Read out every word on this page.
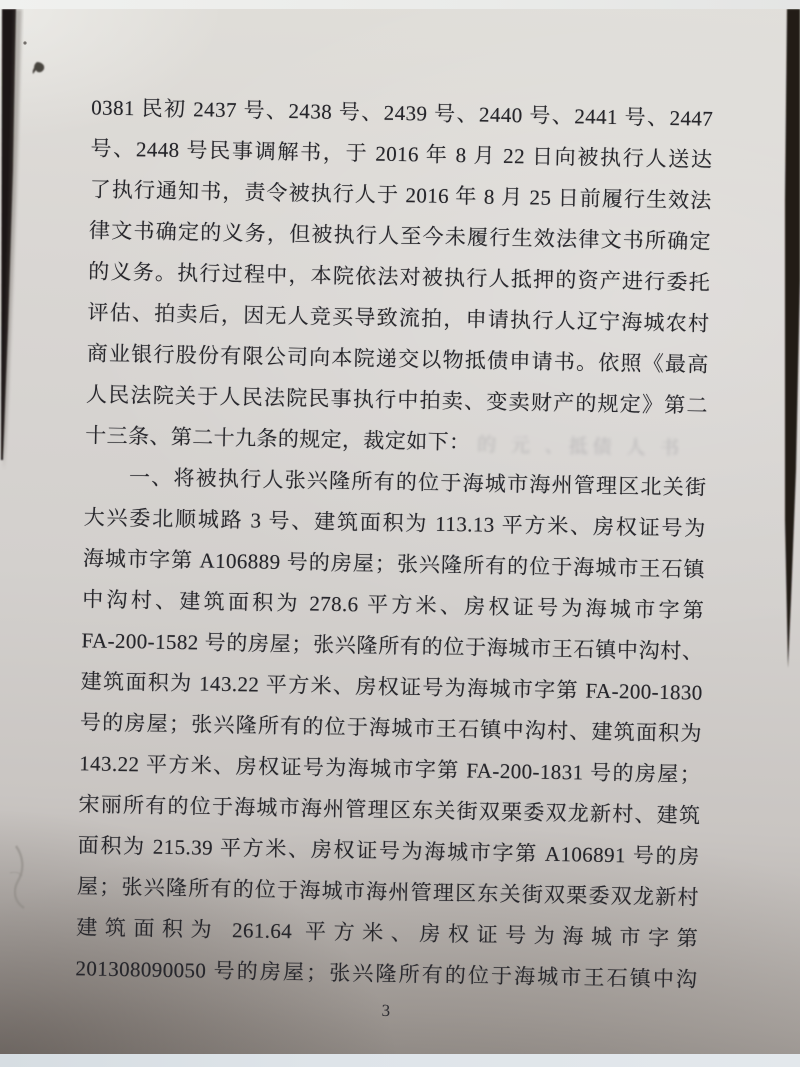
0381 民初 2437 号、2438 号、2439 号、2440 号、2441 号、2447
号、2448 号民事调解书，于 2016 年 8 月 22 日向被执行人送达
了执行通知书，责令被执行人于 2016 年 8 月 25 日前履行生效法
律文书确定的义务，但被执行人至今未履行生效法律文书所确定
的义务。执行过程中，本院依法对被执行人抵押的资产进行委托
评估、拍卖后，因无人竞买导致流拍，申请执行人辽宁海城农村
商业银行股份有限公司向本院递交以物抵债申请书。依照《最高
人民法院关于人民法院民事执行中拍卖、变卖财产的规定》第二
十三条、第二十九条的规定，裁定如下：
　　一、将被执行人张兴隆所有的位于海城市海州管理区北关街
大兴委北顺城路 3 号、建筑面积为 113.13 平方米、房权证号为
海城市字第 A106889 号的房屋；张兴隆所有的位于海城市王石镇
中沟村、建筑面积为 278.6 平方米、房权证号为海城市字第
FA-200-1582 号的房屋；张兴隆所有的位于海城市王石镇中沟村、
建筑面积为 143.22 平方米、房权证号为海城市字第 FA-200-1830
号的房屋；张兴隆所有的位于海城市王石镇中沟村、建筑面积为
143.22 平方米、房权证号为海城市字第 FA-200-1831 号的房屋；
宋丽所有的位于海城市海州管理区东关街双栗委双龙新村、建筑
面积为 215.39 平方米、房权证号为海城市字第 A106891 号的房
屋；张兴隆所有的位于海城市海州管理区东关街双栗委双龙新村
建筑面积为 261.64 平方米、房权证号为海城市字第
201308090050 号的房屋；张兴隆所有的位于海城市王石镇中沟
的 元 、抵债 人 书
3
